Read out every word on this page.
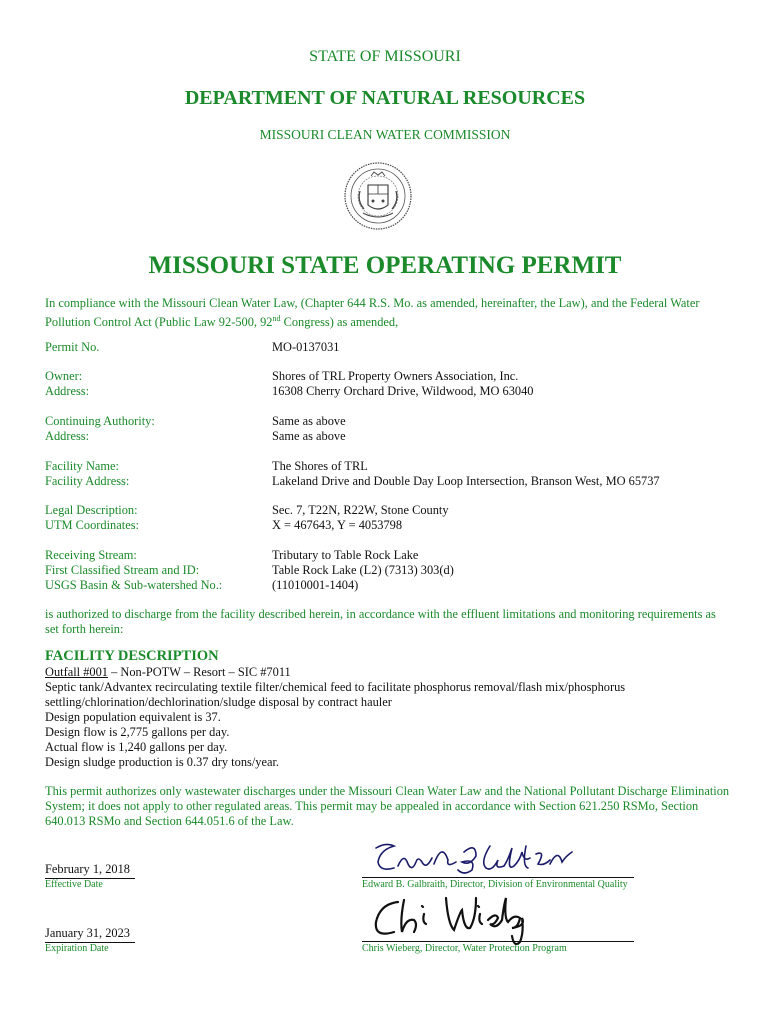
STATE OF MISSOURI
DEPARTMENT OF NATURAL RESOURCES
MISSOURI CLEAN WATER COMMISSION
MISSOURI STATE OPERATING PERMIT
In compliance with the Missouri Clean Water Law, (Chapter 644 R.S. Mo. as amended, hereinafter, the Law), and the Federal Water Pollution Control Act (Public Law 92-500, 92nd Congress) as amended,
Permit No.	MO-0137031
Owner:	Shores of TRL Property Owners Association, Inc.
Address:	16308 Cherry Orchard Drive, Wildwood, MO 63040
Continuing Authority:	Same as above
Address:	Same as above
Facility Name:	The Shores of TRL
Facility Address:	Lakeland Drive and Double Day Loop Intersection, Branson West, MO 65737
Legal Description:	Sec. 7, T22N, R22W, Stone County
UTM Coordinates:	X = 467643, Y = 4053798
Receiving Stream:	Tributary to Table Rock Lake
First Classified Stream and ID:	Table Rock Lake (L2) (7313) 303(d)
USGS Basin & Sub-watershed No.:	(11010001-1404)
is authorized to discharge from the facility described herein, in accordance with the effluent limitations and monitoring requirements as set forth herein:
FACILITY DESCRIPTION
Outfall #001 – Non-POTW – Resort – SIC #7011
Septic tank/Advantex recirculating textile filter/chemical feed to facilitate phosphorus removal/flash mix/phosphorus settling/chlorination/dechlorination/sludge disposal by contract hauler
Design population equivalent is 37.
Design flow is 2,775 gallons per day.
Actual flow is 1,240 gallons per day.
Design sludge production is 0.37 dry tons/year.
This permit authorizes only wastewater discharges under the Missouri Clean Water Law and the National Pollutant Discharge Elimination System; it does not apply to other regulated areas. This permit may be appealed in accordance with Section 621.250 RSMo, Section 640.013 RSMo and Section 644.051.6 of the Law.
February 1, 2018
Effective Date	Edward B. Galbraith, Director, Division of Environmental Quality
January 31, 2023
Expiration Date	Chris Wieberg, Director, Water Protection Program
